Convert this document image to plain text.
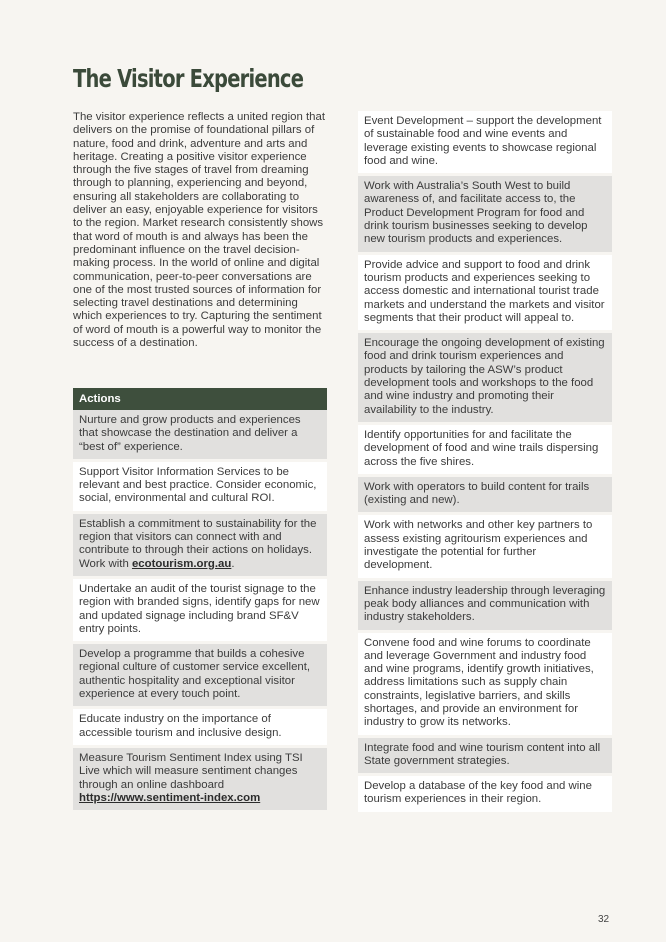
The Visitor Experience
The visitor experience reflects a united region that delivers on the promise of foundational pillars of nature, food and drink, adventure and arts and heritage. Creating a positive visitor experience through the five stages of travel from dreaming through to planning, experiencing and beyond, ensuring all stakeholders are collaborating to deliver an easy, enjoyable experience for visitors to the region. Market research consistently shows that word of mouth is and always has been the predominant influence on the travel decision-making process. In the world of online and digital communication, peer-to-peer conversations are one of the most trusted sources of information for selecting travel destinations and determining which experiences to try. Capturing the sentiment of word of mouth is a powerful way to monitor the success of a destination.
Actions
Nurture and grow products and experiences that showcase the destination and deliver a “best of” experience.
Support Visitor Information Services to be relevant and best practice. Consider economic, social, environmental and cultural ROI.
Establish a commitment to sustainability for the region that visitors can connect with and contribute to through their actions on holidays. Work with ecotourism.org.au.
Undertake an audit of the tourist signage to the region with branded signs, identify gaps for new and updated signage including brand SF&V entry points.
Develop a programme that builds a cohesive regional culture of customer service excellent, authentic hospitality and exceptional visitor experience at every touch point.
Educate industry on the importance of accessible tourism and inclusive design.
Measure Tourism Sentiment Index using TSI Live which will measure sentiment changes through an online dashboard https://www.sentiment-index.com
Event Development – support the development of sustainable food and wine events and leverage existing events to showcase regional food and wine.
Work with Australia’s South West to build awareness of, and facilitate access to, the Product Development Program for food and drink tourism businesses seeking to develop new tourism products and experiences.
Provide advice and support to food and drink tourism products and experiences seeking to access domestic and international tourist trade markets and understand the markets and visitor segments that their product will appeal to.
Encourage the ongoing development of existing food and drink tourism experiences and products by tailoring the ASW’s product development tools and workshops to the food and wine industry and promoting their availability to the industry.
Identify opportunities for and facilitate the development of food and wine trails dispersing across the five shires.
Work with operators to build content for trails (existing and new).
Work with networks and other key partners to assess existing agritourism experiences and investigate the potential for further development.
Enhance industry leadership through leveraging peak body alliances and communication with industry stakeholders.
Convene food and wine forums to coordinate and leverage Government and industry food and wine programs, identify growth initiatives, address limitations such as supply chain constraints, legislative barriers, and skills shortages, and provide an environment for industry to grow its networks.
Integrate food and wine tourism content into all State government strategies.
Develop a database of the key food and wine tourism experiences in their region.
32
